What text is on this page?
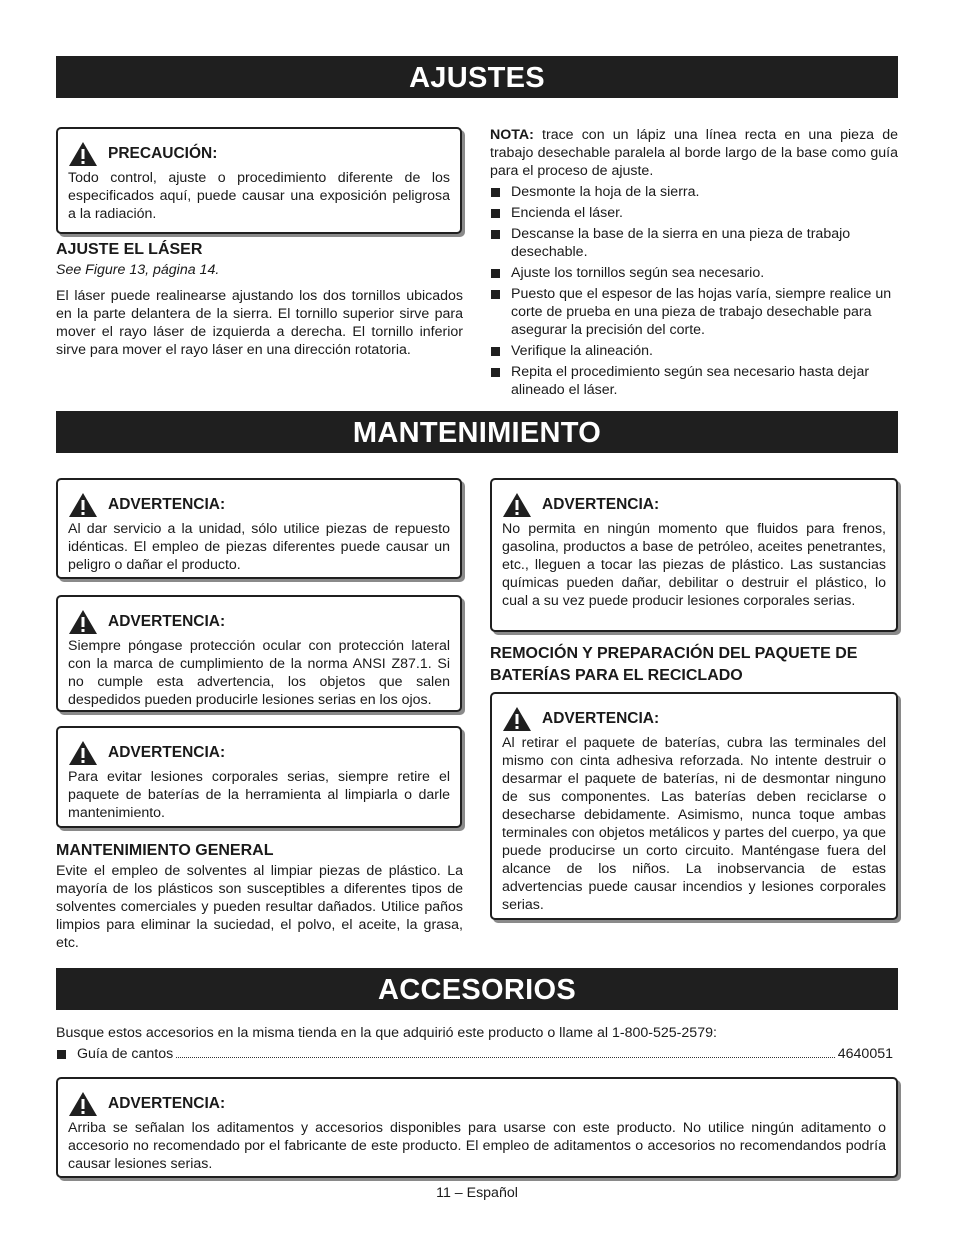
AJUSTES
PRECAUCIÓN:

Todo control, ajuste o procedimiento diferente de los especificados aquí, puede causar una exposición peligrosa a la radiación.

AJUSTE EL LÁSER

See Figure 13, página 14.

El láser puede realinearse ajustando los dos tornillos ubicados en la parte delantera de la sierra. El tornillo superior sirve para mover el rayo láser de izquierda a derecha. El tornillo inferior sirve para mover el rayo láser en una dirección rotatoria.

NOTA: trace con un lápiz una línea recta en una pieza de trabajo desechable paralela al borde largo de la base como guía para el proceso de ajuste.

Desmonte la hoja de la sierra.
Encienda el láser.
Descanse la base de la sierra en una pieza de trabajo desechable.
Ajuste los tornillos según sea necesario.
Puesto que el espesor de las hojas varía, siempre realice un corte de prueba en una pieza de trabajo desechable para asegurar la precisión del corte.
Verifique la alineación.
Repita el procedimiento según sea necesario hasta dejar alineado el láser.
MANTENIMIENTO
ADVERTENCIA:

Al dar servicio a la unidad, sólo utilice piezas de repuesto idénticas. El empleo de piezas diferentes puede causar un peligro o dañar el producto.

ADVERTENCIA:

Siempre póngase protección ocular con protección lateral con la marca de cumplimiento de la norma ANSI Z87.1. Si no cumple esta advertencia, los objetos que salen despedidos pueden producirle lesiones serias en los ojos.

ADVERTENCIA:

Para evitar lesiones corporales serias, siempre retire el paquete de baterías de la herramienta al limpiarla o darle mantenimiento.

MANTENIMIENTO GENERAL

Evite el empleo de solventes al limpiar piezas de plástico. La mayoría de los plásticos son susceptibles a diferentes tipos de solventes comerciales y pueden resultar dañados. Utilice paños limpios para eliminar la suciedad, el polvo, el aceite, la grasa, etc.

ADVERTENCIA:

No permita en ningún momento que fluidos para frenos, gasolina, productos a base de petróleo, aceites penetrantes, etc., lleguen a tocar las piezas de plástico. Las sustancias químicas pueden dañar, debilitar o destruir el plástico, lo cual a su vez puede producir lesiones corporales serias.

REMOCIÓN Y PREPARACIÓN DEL PAQUETE DE BATERÍAS PARA EL RECICLADO
ADVERTENCIA:

Al retirar el paquete de baterías, cubra las terminales del mismo con cinta adhesiva reforzada. No intente destruir o desarmar el paquete de baterías, ni de desmontar ninguno de sus componentes. Las baterías deben reciclarse o desecharse debidamente. Asimismo, nunca toque ambas terminales con objetos metálicos y partes del cuerpo, ya que puede producirse un corto circuito. Manténgase fuera del alcance de los niños. La inobservancia de estas advertencias puede causar incendios y lesiones corporales serias.

ACCESORIOS

Busque estos accesorios en la misma tienda en la que adquirió este producto o llame al 1-800-525-2579:

Guía de cantos	4640051
ADVERTENCIA:

Arriba se señalan los aditamentos y accesorios disponibles para usarse con este producto. No utilice ningún aditamento o accesorio no recomendado por el fabricante de este producto. El empleo de aditamentos o accesorios no recomendandos podría causar lesiones serias.

11 – Español
